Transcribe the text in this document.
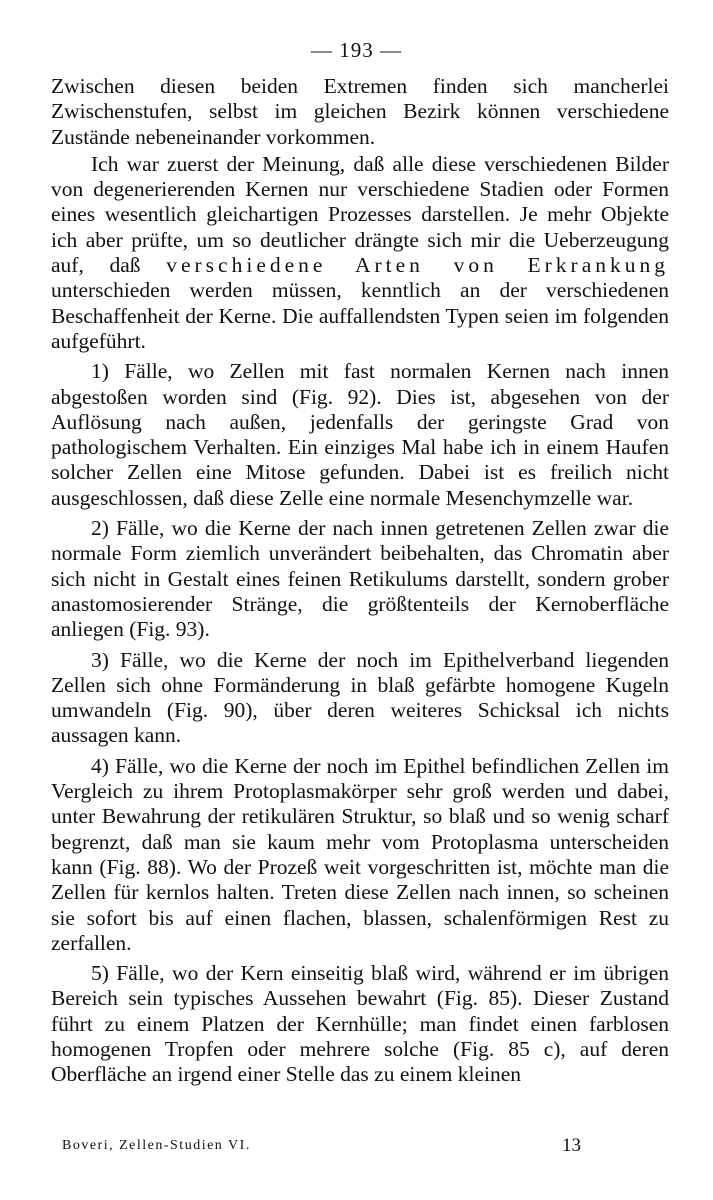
— 193 —

Zwischen diesen beiden Extremen finden sich mancherlei Zwischenstufen, selbst im gleichen Bezirk können verschiedene Zustände nebeneinander vorkommen.

Ich war zuerst der Meinung, daß alle diese verschiedenen Bilder von degenerierenden Kernen nur verschiedene Stadien oder Formen eines wesentlich gleichartigen Prozesses darstellen. Je mehr Objekte ich aber prüfte, um so deutlicher drängte sich mir die Ueberzeugung auf, daß verschiedene Arten von Erkrankung unterschieden werden müssen, kenntlich an der verschiedenen Beschaffenheit der Kerne. Die auffallendsten Typen seien im folgenden aufgeführt.

1) Fälle, wo Zellen mit fast normalen Kernen nach innen abgestoßen worden sind (Fig. 92). Dies ist, abgesehen von der Auflösung nach außen, jedenfalls der geringste Grad von pathologischem Verhalten. Ein einziges Mal habe ich in einem Haufen solcher Zellen eine Mitose gefunden. Dabei ist es freilich nicht ausgeschlossen, daß diese Zelle eine normale Mesenchymzelle war.

2) Fälle, wo die Kerne der nach innen getretenen Zellen zwar die normale Form ziemlich unverändert beibehalten, das Chromatin aber sich nicht in Gestalt eines feinen Retikulums darstellt, sondern grober anastomosierender Stränge, die größtenteils der Kernoberfläche anliegen (Fig. 93).

3) Fälle, wo die Kerne der noch im Epithelverband liegenden Zellen sich ohne Formänderung in blaß gefärbte homogene Kugeln umwandeln (Fig. 90), über deren weiteres Schicksal ich nichts aussagen kann.

4) Fälle, wo die Kerne der noch im Epithel befindlichen Zellen im Vergleich zu ihrem Protoplasmakörper sehr groß werden und dabei, unter Bewahrung der retikulären Struktur, so blaß und so wenig scharf begrenzt, daß man sie kaum mehr vom Protoplasma unterscheiden kann (Fig. 88). Wo der Prozeß weit vorgeschritten ist, möchte man die Zellen für kernlos halten. Treten diese Zellen nach innen, so scheinen sie sofort bis auf einen flachen, blassen, schalenförmigen Rest zu zerfallen.

5) Fälle, wo der Kern einseitig blaß wird, während er im übrigen Bereich sein typisches Aussehen bewahrt (Fig. 85). Dieser Zustand führt zu einem Platzen der Kernhülle; man findet einen farblosen homogenen Tropfen oder mehrere solche (Fig. 85 c), auf deren Oberfläche an irgend einer Stelle das zu einem kleinen

Boveri, Zellen-Studien VI.	13
